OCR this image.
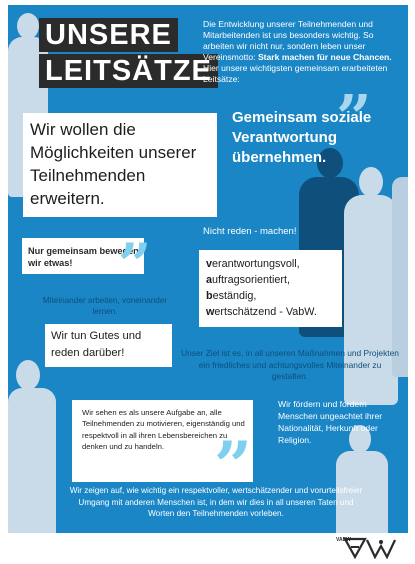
UNSERE
LEITSÄTZE
Die Entwicklung unserer Teilnehmenden und Mitarbeitenden ist uns besonders wichtig. So arbeiten wir nicht nur, sondern leben unser Vereinsmotto: Stark machen für neue Chancen. Hier unsere wichtigsten gemeinsam erarbeiteten Leitsätze:
”
Gemeinsam soziale Verantwortung übernehmen.
Wir wollen die Möglichkeiten unserer Teilnehmenden erweitern.
Nicht reden - machen!
Nur gemeinsam bewegen wir etwas! ”	verantwortungsvoll,
auftragsorientiert,
beständig,
wertschätzend - VabW.
Miteinander arbeiten, voneinander lernen.
Wir tun Gutes und reden darüber!	Unser Ziel ist es, in all unseren Maßnahmen und Projekten ein friedliches und achtungsvolles Miteinander zu gestalten.
Wir fördern und fordern Menschen ungeachtet ihrer Nationalität, Herkunft oder Religion.
Wir sehen es als unsere Aufgabe an, alle Teilnehmenden zu motivieren, eigenständig und respektvoll in all ihren Lebensbereichen zu denken und zu handeln. ”
Wir zeigen auf, wie wichtig ein respektvoller, wertschätzender und vorurteilsfreier Umgang mit anderen Menschen ist, in dem wir dies in all unseren Taten und Worten den Teilnehmenden vorleben.
VABW
